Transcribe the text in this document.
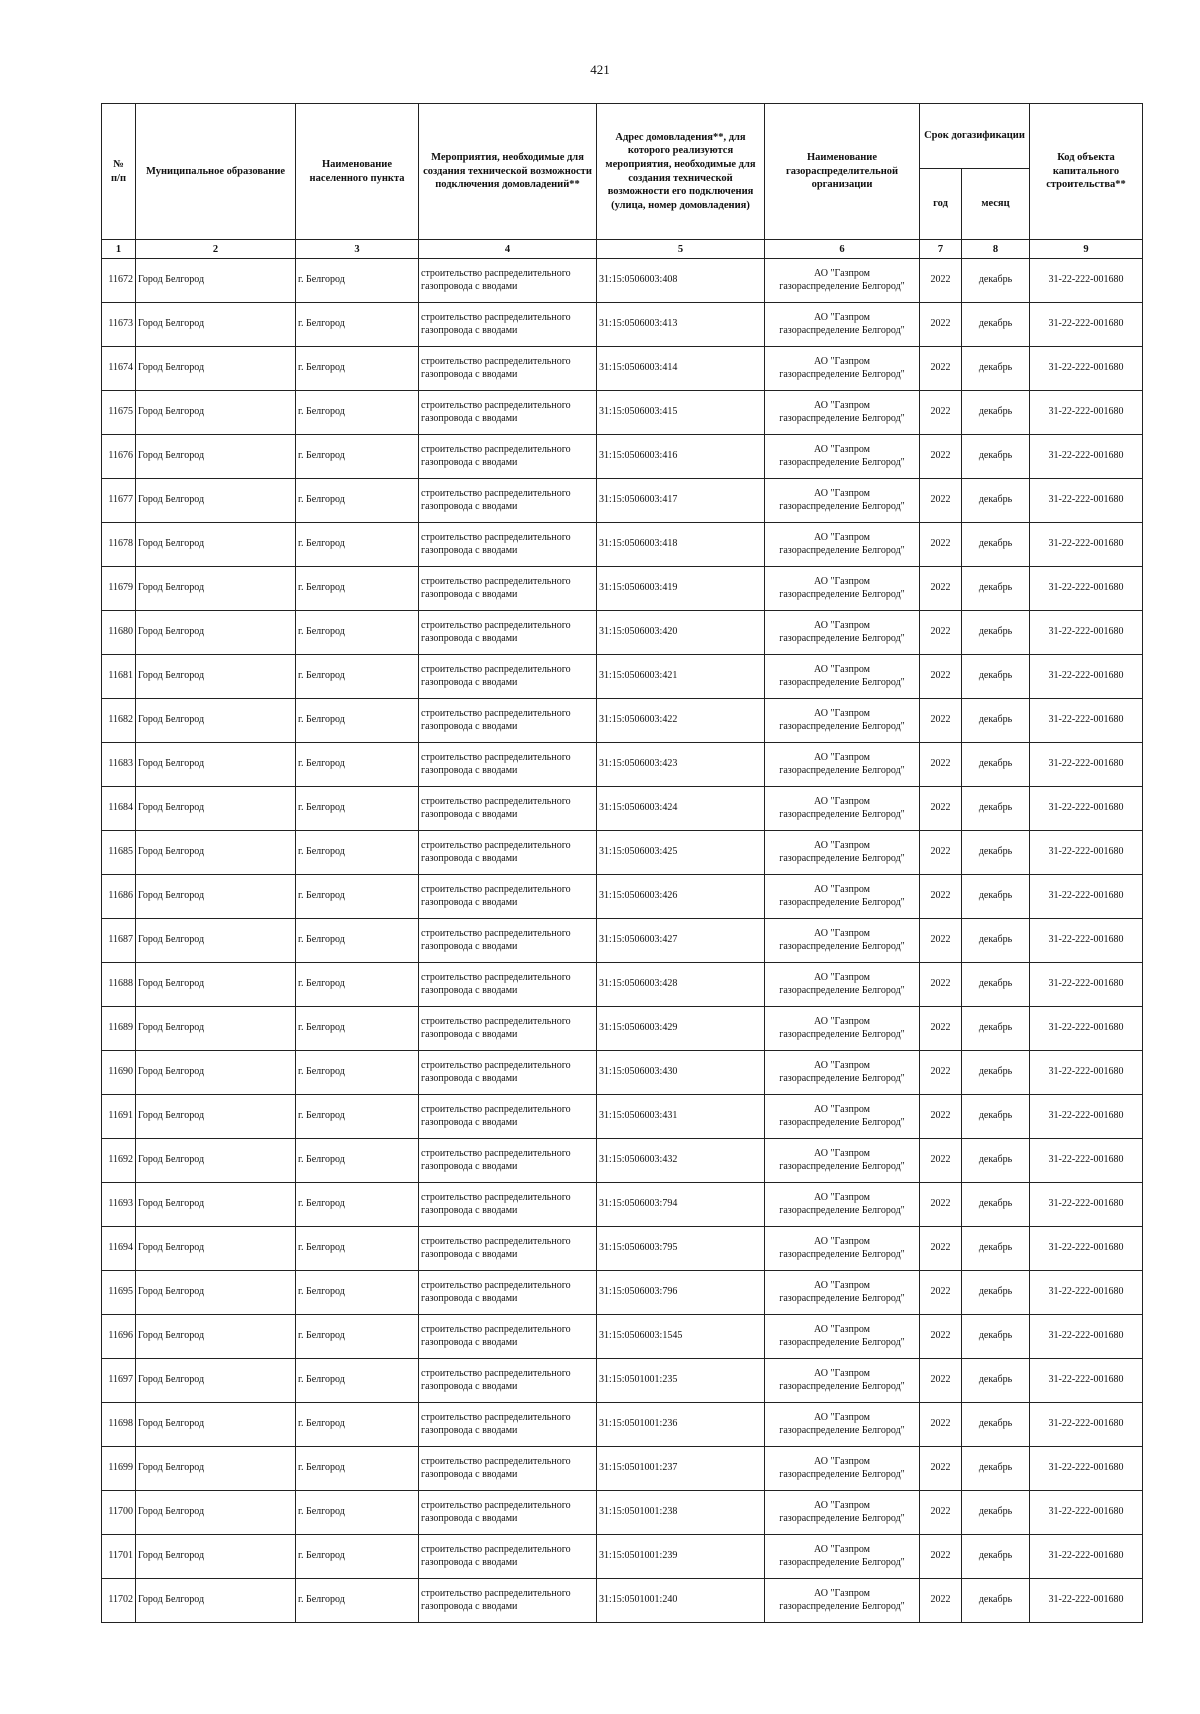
421
№
п/п	Муниципальное образование	Наименование населенного пункта	Мероприятия, необходимые для создания технической возможности подключения домовладений**	Адрес домовладения**, для которого реализуются мероприятия, необходимые для создания технической возможности его подключения (улица, номер домовладения)	Наименование газораспределительной организации	Срок догазификации		Код объекта капитального строительства**
						год	месяц	
1	2	3	4	5	6	7	8	9
11672	Город Белгород	г. Белгород	строительство распределительного
газопровода с вводами	31:15:0506003:408	АО "Газпром
газораспределение Белгород"	2022	декабрь	31-22-222-001680
11673	Город Белгород	г. Белгород	строительство распределительного
газопровода с вводами	31:15:0506003:413	АО "Газпром
газораспределение Белгород"	2022	декабрь	31-22-222-001680
11674	Город Белгород	г. Белгород	строительство распределительного
газопровода с вводами	31:15:0506003:414	АО "Газпром
газораспределение Белгород"	2022	декабрь	31-22-222-001680
11675	Город Белгород	г. Белгород	строительство распределительного
газопровода с вводами	31:15:0506003:415	АО "Газпром
газораспределение Белгород"	2022	декабрь	31-22-222-001680
11676	Город Белгород	г. Белгород	строительство распределительного
газопровода с вводами	31:15:0506003:416	АО "Газпром
газораспределение Белгород"	2022	декабрь	31-22-222-001680
11677	Город Белгород	г. Белгород	строительство распределительного
газопровода с вводами	31:15:0506003:417	АО "Газпром
газораспределение Белгород"	2022	декабрь	31-22-222-001680
11678	Город Белгород	г. Белгород	строительство распределительного
газопровода с вводами	31:15:0506003:418	АО "Газпром
газораспределение Белгород"	2022	декабрь	31-22-222-001680
11679	Город Белгород	г. Белгород	строительство распределительного
газопровода с вводами	31:15:0506003:419	АО "Газпром
газораспределение Белгород"	2022	декабрь	31-22-222-001680
11680	Город Белгород	г. Белгород	строительство распределительного
газопровода с вводами	31:15:0506003:420	АО "Газпром
газораспределение Белгород"	2022	декабрь	31-22-222-001680
11681	Город Белгород	г. Белгород	строительство распределительного
газопровода с вводами	31:15:0506003:421	АО "Газпром
газораспределение Белгород"	2022	декабрь	31-22-222-001680
11682	Город Белгород	г. Белгород	строительство распределительного
газопровода с вводами	31:15:0506003:422	АО "Газпром
газораспределение Белгород"	2022	декабрь	31-22-222-001680
11683	Город Белгород	г. Белгород	строительство распределительного
газопровода с вводами	31:15:0506003:423	АО "Газпром
газораспределение Белгород"	2022	декабрь	31-22-222-001680
11684	Город Белгород	г. Белгород	строительство распределительного
газопровода с вводами	31:15:0506003:424	АО "Газпром
газораспределение Белгород"	2022	декабрь	31-22-222-001680
11685	Город Белгород	г. Белгород	строительство распределительного
газопровода с вводами	31:15:0506003:425	АО "Газпром
газораспределение Белгород"	2022	декабрь	31-22-222-001680
11686	Город Белгород	г. Белгород	строительство распределительного
газопровода с вводами	31:15:0506003:426	АО "Газпром
газораспределение Белгород"	2022	декабрь	31-22-222-001680
11687	Город Белгород	г. Белгород	строительство распределительного
газопровода с вводами	31:15:0506003:427	АО "Газпром
газораспределение Белгород"	2022	декабрь	31-22-222-001680
11688	Город Белгород	г. Белгород	строительство распределительного
газопровода с вводами	31:15:0506003:428	АО "Газпром
газораспределение Белгород"	2022	декабрь	31-22-222-001680
11689	Город Белгород	г. Белгород	строительство распределительного
газопровода с вводами	31:15:0506003:429	АО "Газпром
газораспределение Белгород"	2022	декабрь	31-22-222-001680
11690	Город Белгород	г. Белгород	строительство распределительного
газопровода с вводами	31:15:0506003:430	АО "Газпром
газораспределение Белгород"	2022	декабрь	31-22-222-001680
11691	Город Белгород	г. Белгород	строительство распределительного
газопровода с вводами	31:15:0506003:431	АО "Газпром
газораспределение Белгород"	2022	декабрь	31-22-222-001680
11692	Город Белгород	г. Белгород	строительство распределительного
газопровода с вводами	31:15:0506003:432	АО "Газпром
газораспределение Белгород"	2022	декабрь	31-22-222-001680
11693	Город Белгород	г. Белгород	строительство распределительного
газопровода с вводами	31:15:0506003:794	АО "Газпром
газораспределение Белгород"	2022	декабрь	31-22-222-001680
11694	Город Белгород	г. Белгород	строительство распределительного
газопровода с вводами	31:15:0506003:795	АО "Газпром
газораспределение Белгород"	2022	декабрь	31-22-222-001680
11695	Город Белгород	г. Белгород	строительство распределительного
газопровода с вводами	31:15:0506003:796	АО "Газпром
газораспределение Белгород"	2022	декабрь	31-22-222-001680
11696	Город Белгород	г. Белгород	строительство распределительного
газопровода с вводами	31:15:0506003:1545	АО "Газпром
газораспределение Белгород"	2022	декабрь	31-22-222-001680
11697	Город Белгород	г. Белгород	строительство распределительного
газопровода с вводами	31:15:0501001:235	АО "Газпром
газораспределение Белгород"	2022	декабрь	31-22-222-001680
11698	Город Белгород	г. Белгород	строительство распределительного
газопровода с вводами	31:15:0501001:236	АО "Газпром
газораспределение Белгород"	2022	декабрь	31-22-222-001680
11699	Город Белгород	г. Белгород	строительство распределительного
газопровода с вводами	31:15:0501001:237	АО "Газпром
газораспределение Белгород"	2022	декабрь	31-22-222-001680
11700	Город Белгород	г. Белгород	строительство распределительного
газопровода с вводами	31:15:0501001:238	АО "Газпром
газораспределение Белгород"	2022	декабрь	31-22-222-001680
11701	Город Белгород	г. Белгород	строительство распределительного
газопровода с вводами	31:15:0501001:239	АО "Газпром
газораспределение Белгород"	2022	декабрь	31-22-222-001680
11702	Город Белгород	г. Белгород	строительство распределительного
газопровода с вводами	31:15:0501001:240	АО "Газпром
газораспределение Белгород"	2022	декабрь	31-22-222-001680
